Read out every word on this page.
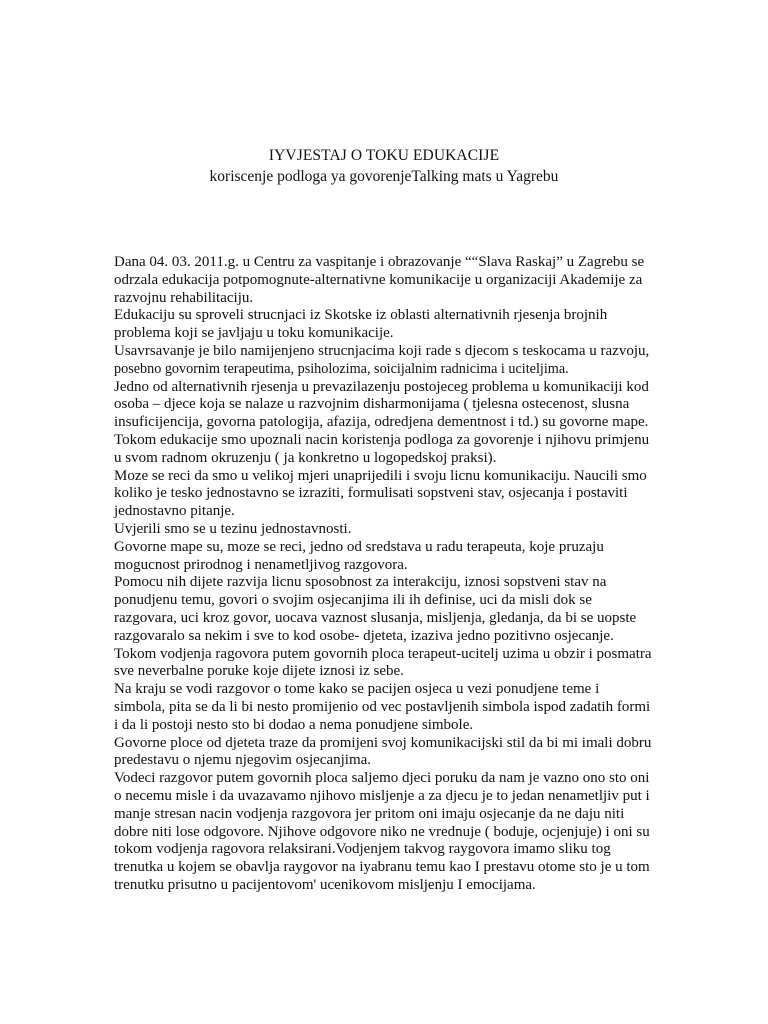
IYVJESTAJ O TOKU EDUKACIJE
koriscenje podloga ya govorenjeTalking mats u Yagrebu
Dana 04. 03. 2011.g. u Centru za vaspitanje i obrazovanje ““Slava Raskaj” u Zagrebu se
odrzala edukacija potpomognute-alternativne komunikacije u organizaciji Akademije za
razvojnu rehabilitaciju.
Edukaciju su sproveli strucnjaci iz Skotske iz oblasti alternativnih rjesenja brojnih
problema koji se javljaju u toku komunikacije.
Usavrsavanje je bilo namijenjeno strucnjacima koji rade s djecom s teskocama u razvoju,
posebno govornim terapeutima, psiholozima, soicijalnim radnicima i uciteljima.
Jedno od alternativnih rjesenja u prevazilazenju postojeceg problema u komunikaciji kod
osoba – djece koja se nalaze u razvojnim disharmonijama ( tjelesna ostecenost, slusna
insuficijencija, govorna patologija, afazija, odredjena dementnost i td.) su govorne mape.
Tokom edukacije smo upoznali nacin koristenja podloga za govorenje i njihovu primjenu
u svom radnom okruzenju ( ja konkretno u logopedskoj praksi).
Moze se reci da smo u velikoj mjeri unaprijedili i svoju licnu komunikaciju. Naucili smo
koliko je tesko jednostavno se izraziti, formulisati sopstveni stav, osjecanja i postaviti
jednostavno pitanje.
Uvjerili smo se u tezinu jednostavnosti.
Govorne mape su, moze se reci, jedno od sredstava u radu terapeuta, koje pruzaju
mogucnost prirodnog i nenametljivog razgovora.
Pomocu nih dijete razvija licnu sposobnost za interakciju, iznosi sopstveni stav na
ponudjenu temu, govori o svojim osjecanjima ili ih definise, uci da misli dok se
razgovara, uci kroz govor, uocava vaznost slusanja, misljenja, gledanja, da bi se uopste
razgovaralo sa nekim i sve to kod osobe- djeteta, izaziva jedno pozitivno osjecanje.
Tokom vodjenja ragovora putem govornih ploca terapeut-ucitelj uzima u obzir i posmatra
sve neverbalne poruke koje dijete iznosi iz sebe.
Na kraju se vodi razgovor o tome kako se pacijen osjeca u vezi ponudjene teme i
simbola, pita se da li bi nesto promijenio od vec postavljenih simbola ispod zadatih formi
i da li postoji nesto sto bi dodao a nema ponudjene simbole.
Govorne ploce od djeteta traze da promijeni svoj komunikacijski stil da bi mi imali dobru
predestavu o njemu njegovim osjecanjima.
Vodeci razgovor putem govornih ploca saljemo djeci poruku da nam je vazno ono sto oni
o necemu misle i da uvazavamo njihovo misljenje a za djecu je to jedan nenametljiv put i
manje stresan nacin vodjenja razgovora jer pritom oni imaju osjecanje da ne daju niti
dobre niti lose odgovore. Njihove odgovore niko ne vrednuje ( boduje, ocjenjuje) i oni su
tokom vodjenja ragovora relaksirani.Vodjenjem takvog raygovora imamo sliku tog
trenutka u kojem se obavlja raygovor na iyabranu temu kao I prestavu otome sto je u tom
trenutku prisutno u pacijentovom' ucenikovom misljenju I emocijama.
